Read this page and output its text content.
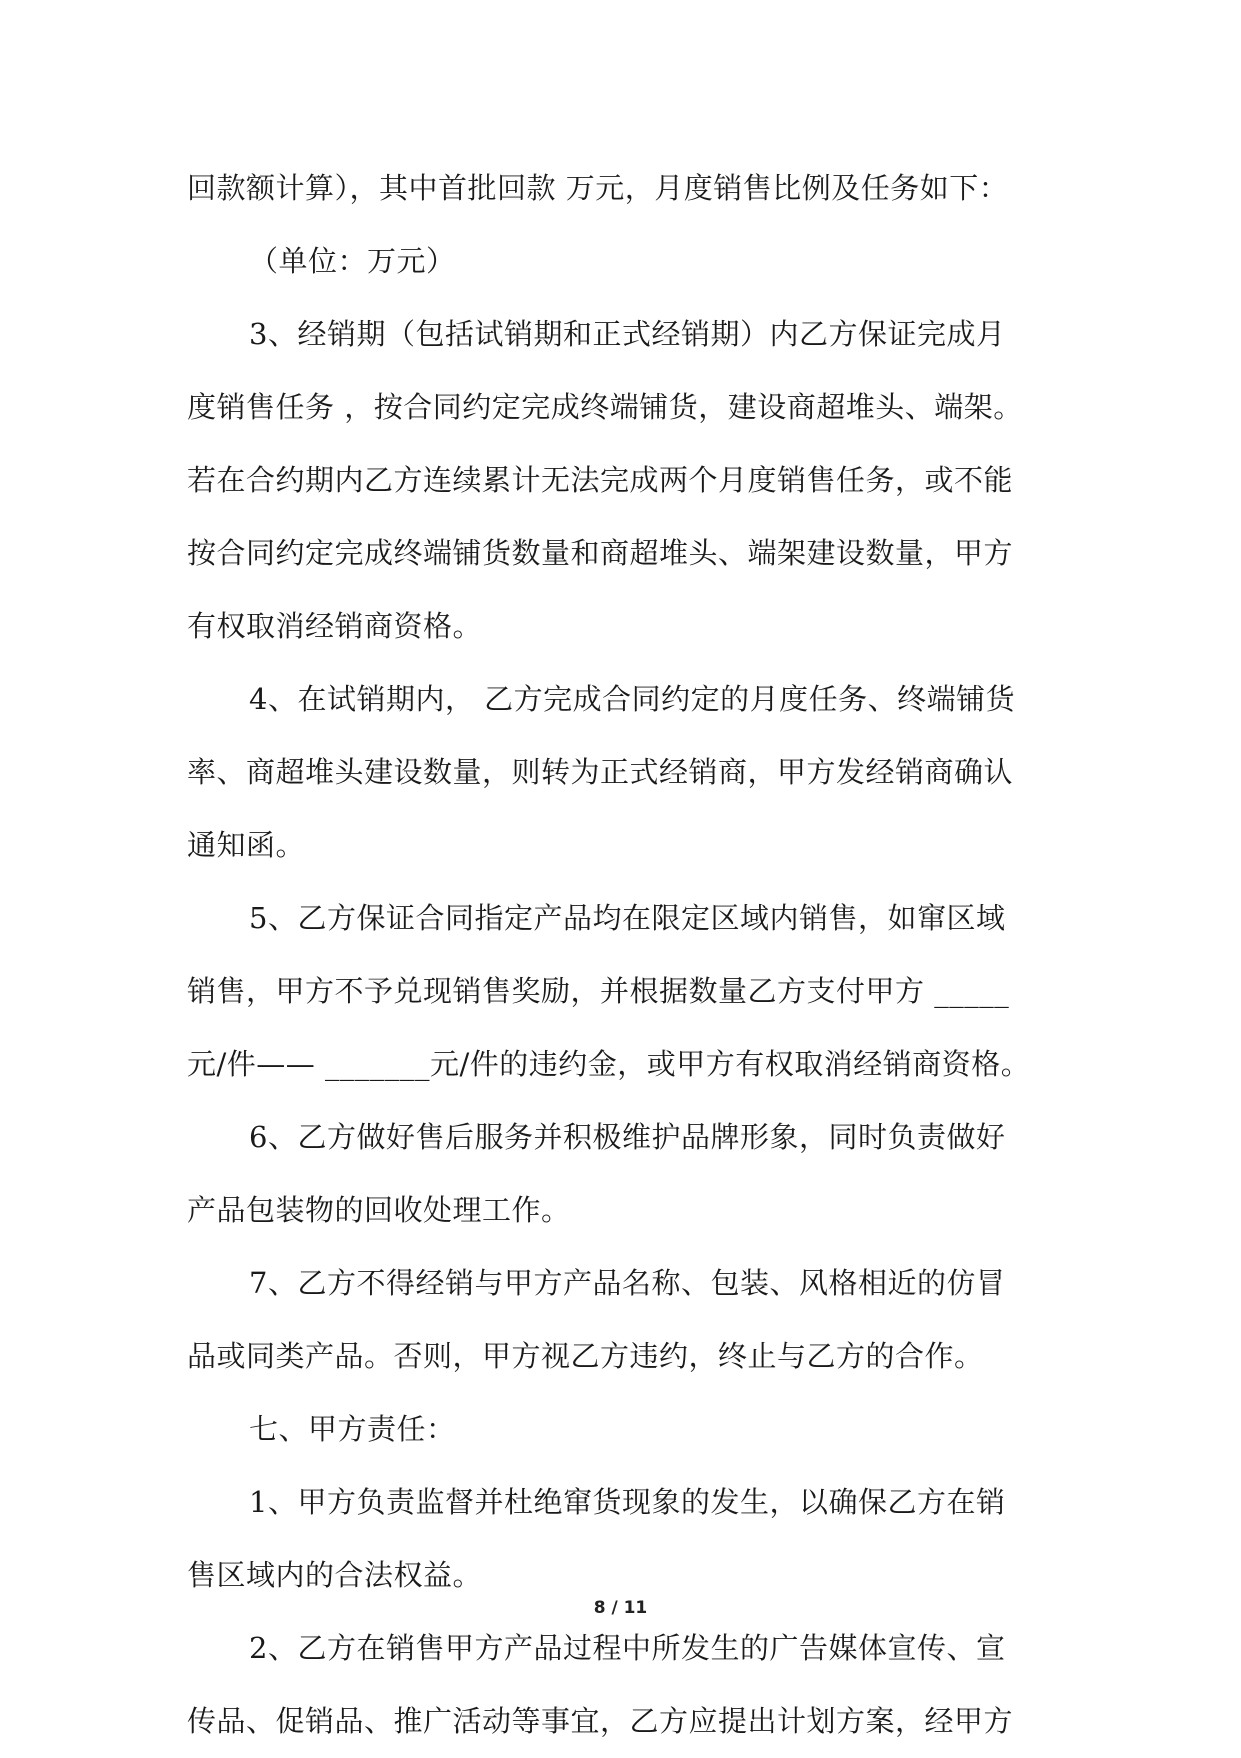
回款额计算），其中首批回款 万元，月度销售比例及任务如下：
（单位：万元）
3、经销期（包括试销期和正式经销期）内乙方保证完成月
度销售任务 ，按合同约定完成终端铺货，建设商超堆头、端架。
若在合约期内乙方连续累计无法完成两个月度销售任务，或不能
按合同约定完成终端铺货数量和商超堆头、端架建设数量，甲方
有权取消经销商资格。
4、在试销期内， 乙方完成合同约定的月度任务、终端铺货
率、商超堆头建设数量，则转为正式经销商，甲方发经销商确认
通知函。
5、乙方保证合同指定产品均在限定区域内销售，如窜区域
销售，甲方不予兑现销售奖励，并根据数量乙方支付甲方 _____
元/件—— _______元/件的违约金，或甲方有权取消经销商资格。
6、乙方做好售后服务并积极维护品牌形象，同时负责做好
产品包装物的回收处理工作。
7、乙方不得经销与甲方产品名称、包装、风格相近的仿冒
品或同类产品。否则，甲方视乙方违约，终止与乙方的合作。
七、甲方责任：
1、甲方负责监督并杜绝窜货现象的发生，以确保乙方在销
售区域内的合法权益。
2、乙方在销售甲方产品过程中所发生的广告媒体宣传、宣
传品、促销品、推广活动等事宜，乙方应提出计划方案，经甲方
8 / 11
